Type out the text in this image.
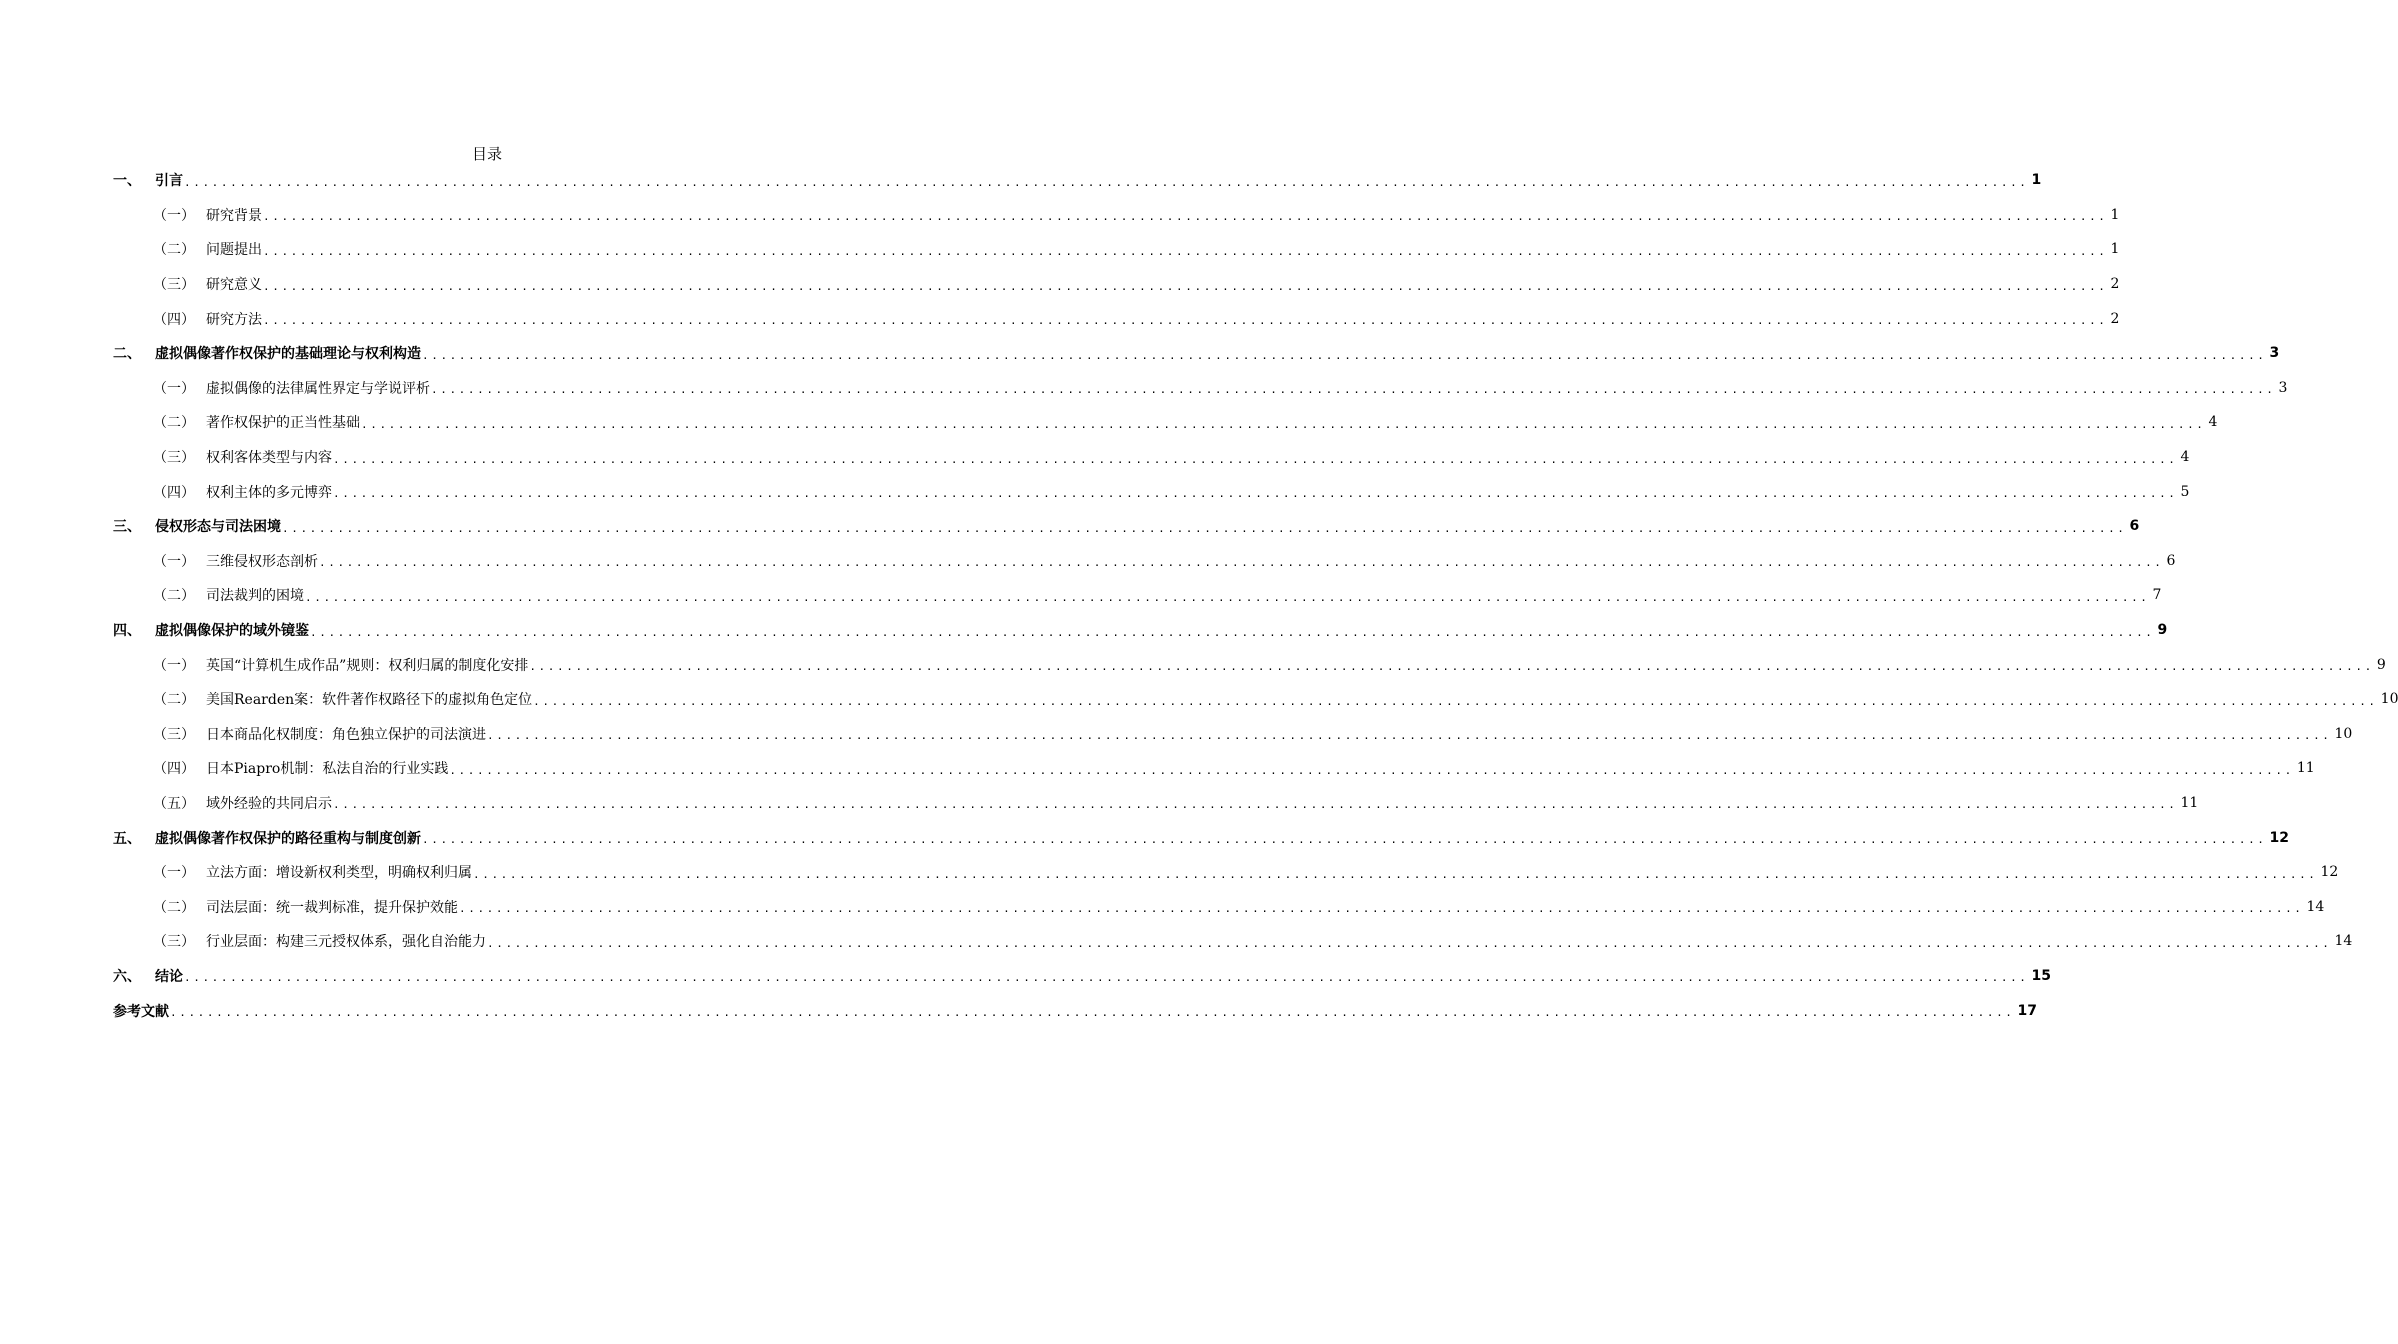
目录
一、	引言 ........................................................................................................................................................................................................ 1
（一） 研究背景 ........................................................................................................................................................................................................ 1
（二） 问题提出 ........................................................................................................................................................................................................ 1
（三） 研究意义 ........................................................................................................................................................................................................ 2
（四） 研究方法 ........................................................................................................................................................................................................ 2
二、	虚拟偶像著作权保护的基础理论与权利构造 ........................................................................................................................................................................................................ 3
（一） 虚拟偶像的法律属性界定与学说评析 ........................................................................................................................................................................................................ 3
（二） 著作权保护的正当性基础 ........................................................................................................................................................................................................ 4
（三） 权利客体类型与内容 ........................................................................................................................................................................................................ 4
（四） 权利主体的多元博弈 ........................................................................................................................................................................................................ 5
三、	侵权形态与司法困境 ........................................................................................................................................................................................................ 6
（一） 三维侵权形态剖析 ........................................................................................................................................................................................................ 6
（二） 司法裁判的困境 ........................................................................................................................................................................................................ 7
四、	虚拟偶像保护的域外镜鉴 ........................................................................................................................................................................................................ 9
（一） 英国“计算机生成作品”规则：权利归属的制度化安排 ........................................................................................................................................................................................................ 9
（二） 美国Rearden案：软件著作权路径下的虚拟角色定位 ........................................................................................................................................................................................................ 10
（三） 日本商品化权制度：角色独立保护的司法演进 ........................................................................................................................................................................................................ 10
（四） 日本Piapro机制：私法自治的行业实践 ........................................................................................................................................................................................................ 11
（五） 域外经验的共同启示 ........................................................................................................................................................................................................ 11
五、	虚拟偶像著作权保护的路径重构与制度创新 ........................................................................................................................................................................................................ 12
（一） 立法方面：增设新权利类型，明确权利归属 ........................................................................................................................................................................................................ 12
（二） 司法层面：统一裁判标准，提升保护效能 ........................................................................................................................................................................................................ 14
（三） 行业层面：构建三元授权体系，强化自治能力 ........................................................................................................................................................................................................ 14
六、	结论 ........................................................................................................................................................................................................ 15
参考文献 ........................................................................................................................................................................................................ 17
